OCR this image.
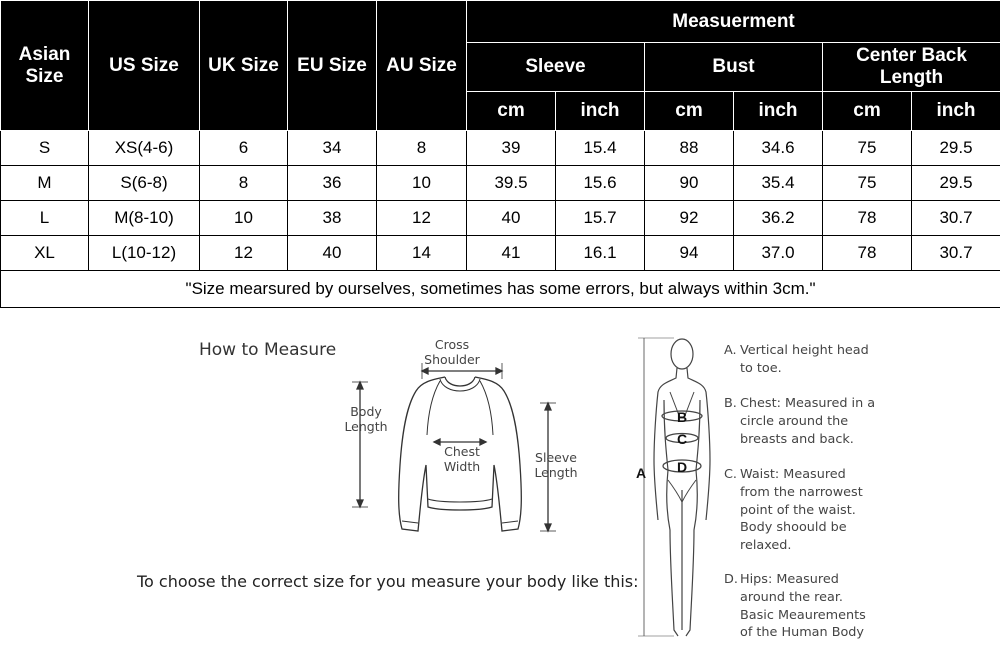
Asian Size	US Size	UK Size	EU Size	AU Size	Measuerment					
					Sleeve		Bust		Center Back Length	
					cm	inch	cm	inch	cm	inch
S	XS(4-6)	6	34	8	39	15.4	88	34.6	75	29.5
M	S(6-8)	8	36	10	39.5	15.6	90	35.4	75	29.5
L	M(8-10)	10	38	12	40	15.7	92	36.2	78	30.7
XL	L(10-12)	12	40	14	41	16.1	94	37.0	78	30.7
"Size mearsured by ourselves, sometimes has some errors, but always within 3cm."										
How to Measure
To choose the correct size for you measure your body like this:
Cross
Shoulder
Body
Length
Chest
Width
Sleeve
Length	A
B
C
D
A. Vertical height head
to toe.
B. Chest: Measured in a
circle around the
breasts and back.
C. Waist: Measured
from the narrowest
point of the waist.
Body shoould be
relaxed.
D. Hips: Measured
around the rear.
Basic Meaurements
of the Human Body
